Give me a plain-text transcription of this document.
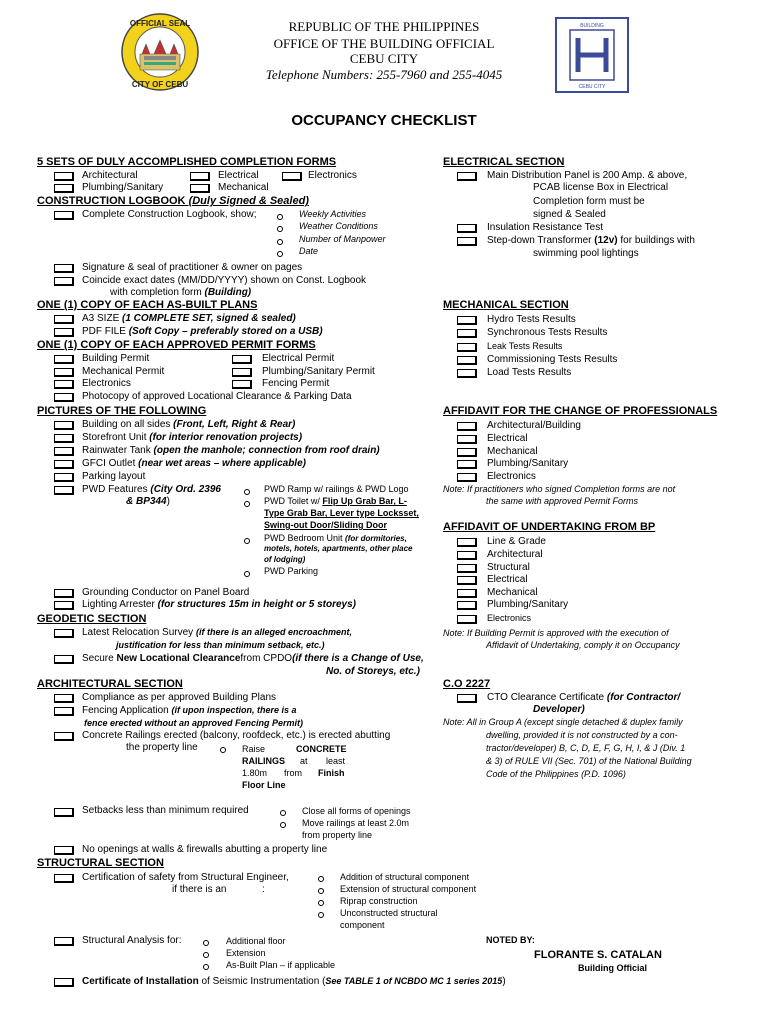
OFFICIAL SEAL
CITY OF CEBU
BUILDING
CEBU CITY
REPUBLIC OF THE PHILIPPINES
OFFICE OF THE BUILDING OFFICIAL
CEBU CITY
Telephone Numbers: 255-7960 and 255-4045
OCCUPANCY CHECKLIST
5 SETS OF DULY ACCOMPLISHED COMPLETION FORMS
Architectural	Electrical	Electronics
Plumbing/Sanitary	Mechanical
CONSTRUCTION LOGBOOK (Duly Signed & Sealed)
Complete Construction Logbook, show;	Weekly Activities
Weather Conditions
Number of Manpower
Date
Signature & seal of practitioner & owner on pages
Coincide exact dates (MM/DD/YYYY) shown on Const. Logbook
with completion form (Building)
ONE (1) COPY OF EACH AS-BUILT PLANS
A3 SIZE (1 COMPLETE SET, signed & sealed)
PDF FILE (Soft Copy – preferably stored on a USB)
ONE (1) COPY OF EACH APPROVED PERMIT FORMS
Building Permit	Electrical Permit
Mechanical Permit	Plumbing/Sanitary Permit
Electronics	Fencing Permit
Photocopy of approved Locational Clearance & Parking Data
PICTURES OF THE FOLLOWING
Building on all sides (Front, Left, Right & Rear)
Storefront Unit (for interior renovation projects)
Rainwater Tank (open the manhole; connection from roof drain)
GFCI Outlet (near wet areas – where applicable)
Parking layout
PWD Features (City Ord. 2396
& BP344)
PWD Ramp w/ railings & PWD Logo
PWD Toilet w/ Flip Up Grab Bar, L-
Type Grab Bar, Lever type Locksset,
Swing-out Door/Sliding Door
PWD Bedroom Unit (for dormitories,
motels, hotels, apartments, other place
of lodging)
PWD Parking
Grounding Conductor on Panel Board
Lighting Arrester (for structures 15m in height or 5 storeys)
GEODETIC SECTION
Latest Relocation Survey (if there is an alleged encroachment,
justification for less than minimum setback, etc.)
Secure New Locational Clearancefrom CPDO(if there is a Change of Use,
No. of Storeys, etc.)
ARCHITECTURAL SECTION
Compliance as per approved Building Plans
Fencing Application (if upon inspection, there is a
fence erected without an approved Fencing Permit)
Concrete Railings erected (balcony, roofdeck, etc.) is erected abutting
the property line	Raise	CONCRETE
RAILINGS at least
1.80m from Finish
Floor Line
Setbacks less than minimum required	Close all forms of openings
Move railings at least 2.0m
from property line
No openings at walls & firewalls abutting a property line
STRUCTURAL SECTION
Certification of safety from Structural Engineer,
if there is an	:
Addition of structural component
Extension of structural component
Riprap construction
Unconstructed structural
component
Structural Analysis for:	Additional floor
Extension
As-Built Plan – if applicable
Certificate of Installation of Seismic Instrumentation (See TABLE 1 of NCBDO MC 1 series 2015)
ELECTRICAL SECTION
Main Distribution Panel is 200 Amp. & above,
PCAB license Box in Electrical
Completion form must be
signed & Sealed
Insulation Resistance Test
Step-down Transformer (12v) for buildings with
swimming pool lightings
MECHANICAL SECTION
Hydro Tests Results
Synchronous Tests Results
Leak Tests Results
Commissioning Tests Results
Load Tests Results
AFFIDAVIT FOR THE CHANGE OF PROFESSIONALS
Architectural/Building
Electrical
Mechanical
Plumbing/Sanitary
Electronics
Note: If practitioners who signed Completion forms are not
the same with approved Permit Forms
AFFIDAVIT OF UNDERTAKING FROM BP
Line & Grade
Architectural
Structural
Electrical
Mechanical
Plumbing/Sanitary
Electronics
Note: If Building Permit is approved with the execution of
Affidavit of Undertaking, comply it on Occupancy
C.O 2227
CTO Clearance Certificate (for Contractor/
Developer)
Note: All in Group A (except single detached & duplex family
dwelling, provided it is not constructed by a con-
tractor/developer) B, C, D, E, F, G, H, I, & J (Div. 1
& 3) of RULE VII (Sec. 701) of the National Building
Code of the Philippines (P.D. 1096)
NOTED BY:
FLORANTE S. CATALAN
Building Official
